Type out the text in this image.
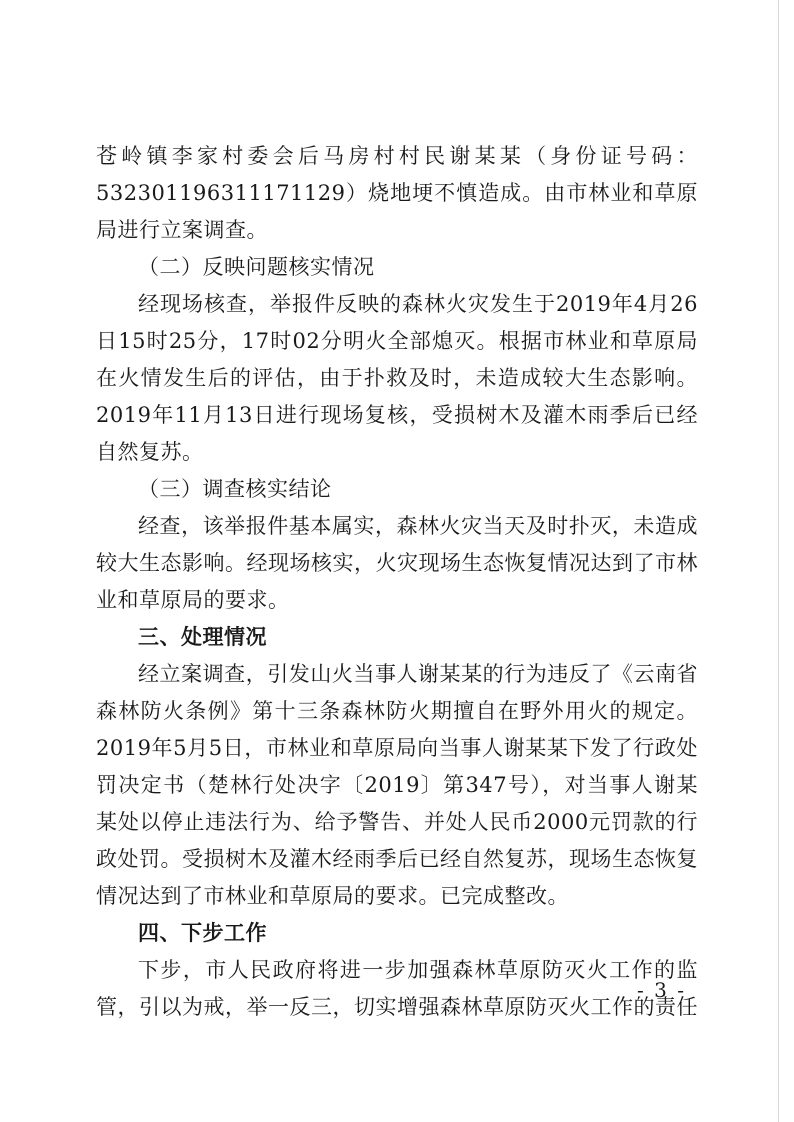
苍岭镇李家村委会后马房村村民谢某某（身份证号码：532301196311171129）烧地埂不慎造成。由市林业和草原局进行立案调查。

（二）反映问题核实情况

经现场核查，举报件反映的森林火灾发生于2019年4月26日15时25分，17时02分明火全部熄灭。根据市林业和草原局在火情发生后的评估，由于扑救及时，未造成较大生态影响。2019年11月13日进行现场复核，受损树木及灌木雨季后已经自然复苏。

（三）调查核实结论

经查，该举报件基本属实，森林火灾当天及时扑灭，未造成较大生态影响。经现场核实，火灾现场生态恢复情况达到了市林业和草原局的要求。

三、处理情况

经立案调查，引发山火当事人谢某某的行为违反了《云南省森林防火条例》第十三条森林防火期擅自在野外用火的规定。2019年5月5日，市林业和草原局向当事人谢某某下发了行政处罚决定书（楚林行处决字〔2019〕第347号），对当事人谢某某处以停止违法行为、给予警告、并处人民币2000元罚款的行政处罚。受损树木及灌木经雨季后已经自然复苏，现场生态恢复情况达到了市林业和草原局的要求。已完成整改。

四、下步工作

下步，市人民政府将进一步加强森林草原防灭火工作的监管，引以为戒，举一反三，切实增强森林草原防灭火工作的责任

- 3 -
